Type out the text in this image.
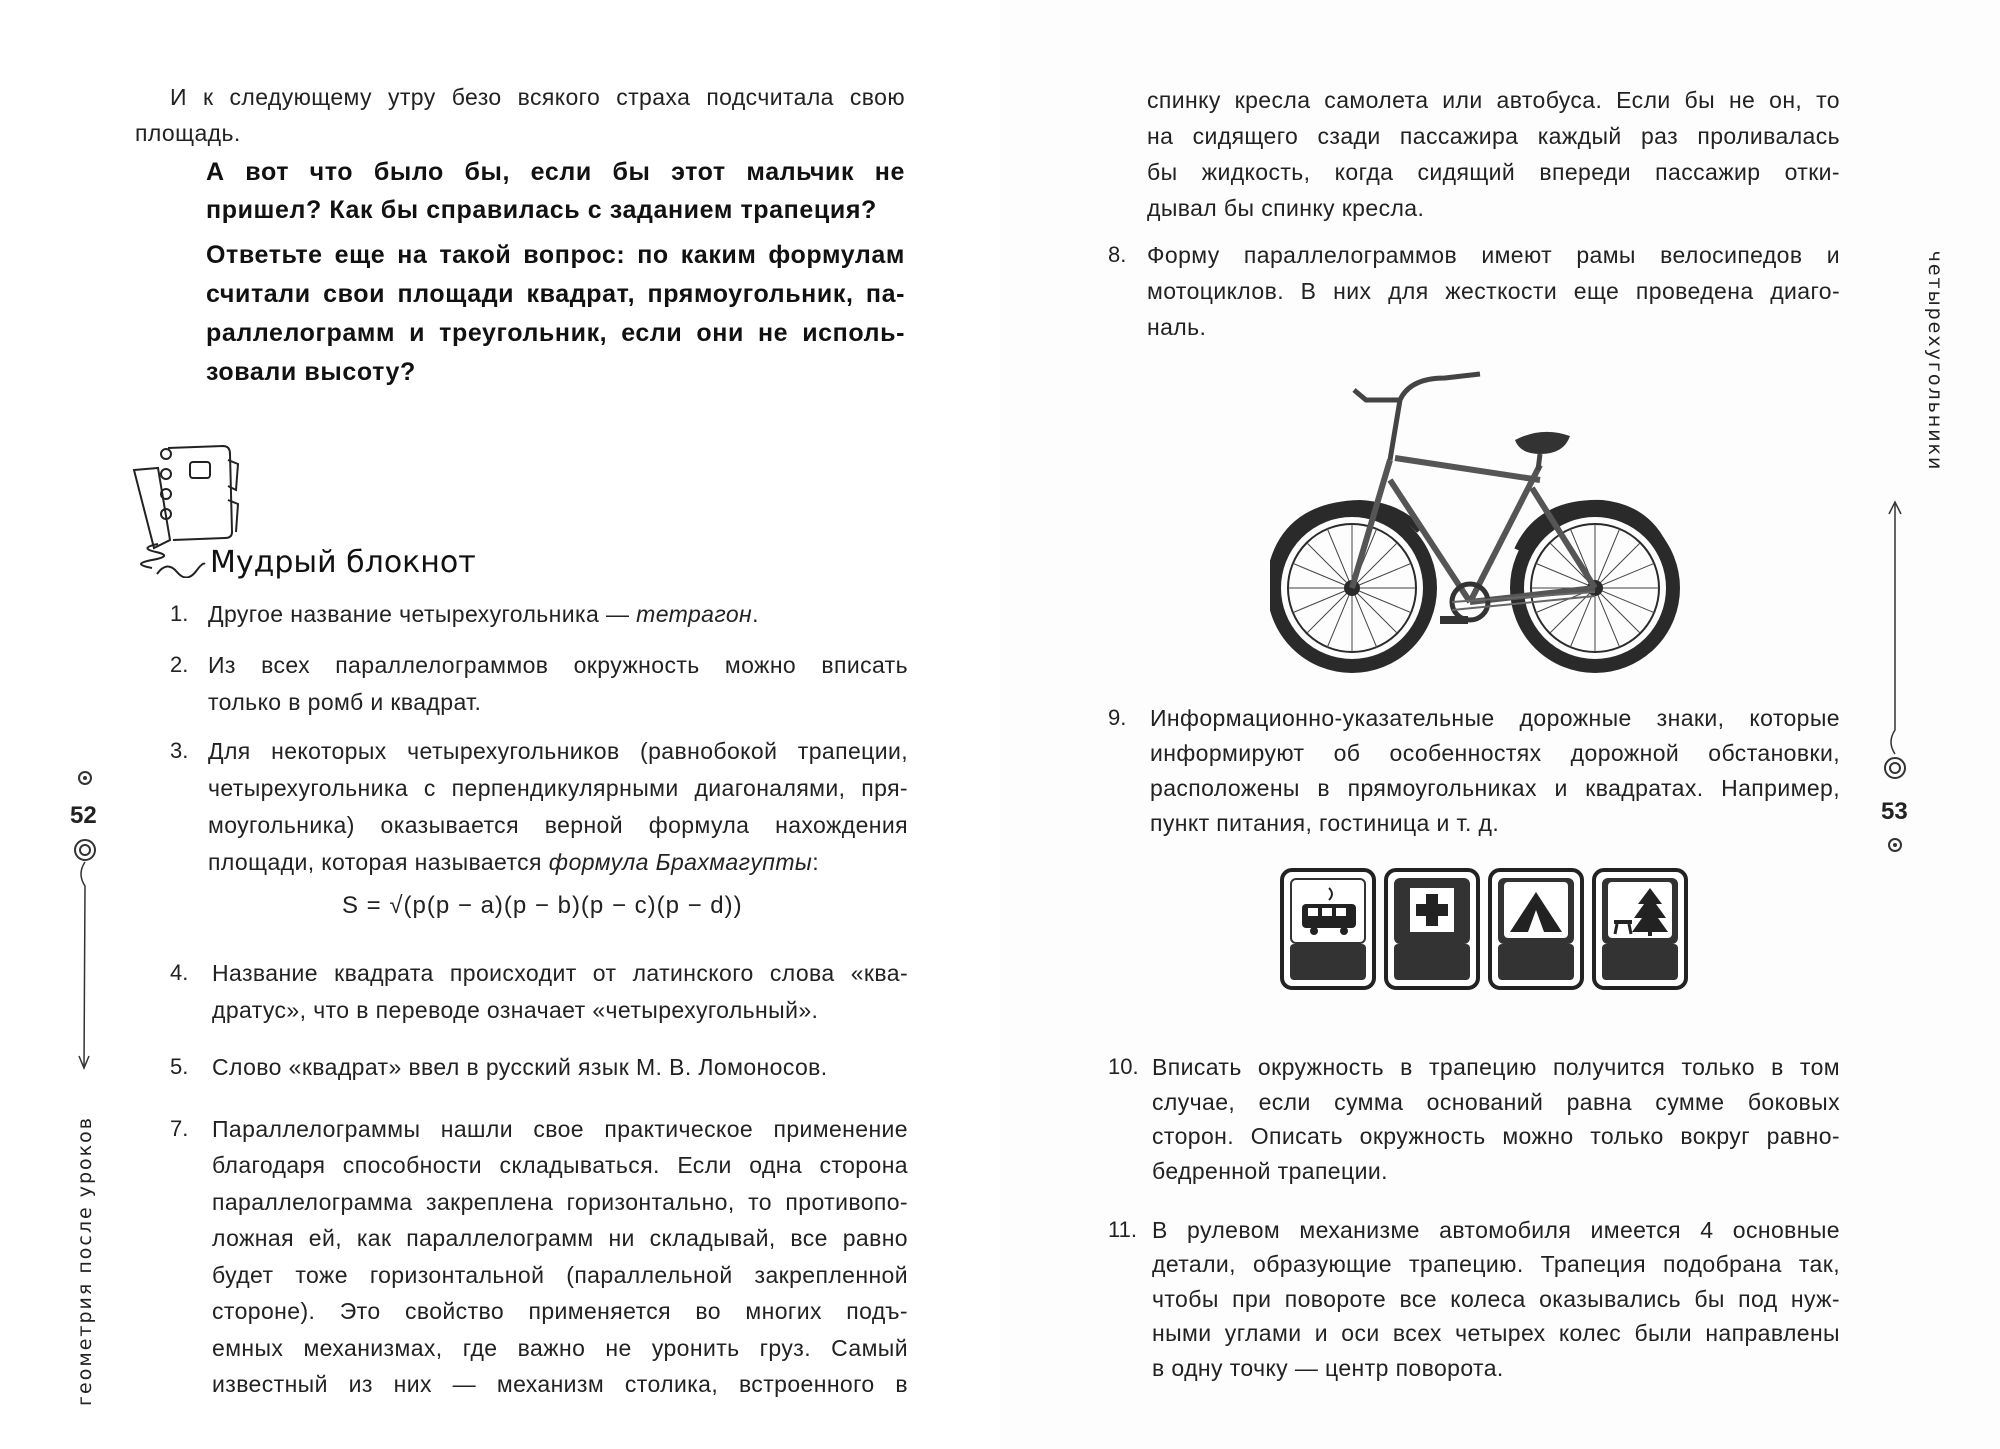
И к следующему утру безо всякого страха подсчитала свою

площадь.

А вот что было бы, если бы этот мальчик не

пришел? Как бы справилась с заданием трапеция?

Ответьте еще на такой вопрос: по каким формулам

считали свои площади квадрат, прямоугольник, па-

раллелограмм и треугольник, если они не исполь-

зовали высоту?

Мудрый блокнот
1. Другое название четырехугольника — тетрагон.

2. Из всех параллелограммов окружность можно вписать

только в ромб и квадрат.

3. Для некоторых четырехугольников (равнобокой трапеции,

четырехугольника с перпендикулярными диагоналями, пря-

моугольника) оказывается верной формула нахождения

площади, которая называется формула Брахмагупты:

S = √(p(p − a)(p − b)(p − c)(p − d))
4. Название квадрата происходит от латинского слова «ква-

дратус», что в переводе означает «четырехугольный».

5. Слово «квадрат» ввел в русский язык М. В. Ломоносов.

7. Параллелограммы нашли свое практическое применение

благодаря способности складываться. Если одна сторона

параллелограмма закреплена горизонтально, то противопо-

ложная ей, как параллелограмм ни складывай, все равно

будет тоже горизонтальной (параллельной закрепленной

стороне). Это свойство применяется во многих подъ-

емных механизмах, где важно не уронить груз. Самый

известный из них — механизм столика, встроенного в

52
геометрия после уроков

спинку кресла самолета или автобуса. Если бы не он, то

на сидящего сзади пассажира каждый раз проливалась

бы жидкость, когда сидящий впереди пассажир отки-

дывал бы спинку кресла.

8. Форму параллелограммов имеют рамы велосипедов и

мотоциклов. В них для жесткости еще проведена диаго-

наль.

9. Информационно-указательные дорожные знаки, которые

информируют об особенностях дорожной обстановки,

расположены в прямоугольниках и квадратах. Например,

пункт питания, гостиница и т. д.

10. Вписать окружность в трапецию получится только в том

случае, если сумма оснований равна сумме боковых

сторон. Описать окружность можно только вокруг равно-

бедренной трапеции.

11. В рулевом механизме автомобиля имеется 4 основные

детали, образующие трапецию. Трапеция подобрана так,

чтобы при повороте все колеса оказывались бы под нуж-

ными углами и оси всех четырех колес были направлены

в одну точку — центр поворота.

четырехугольники
53
